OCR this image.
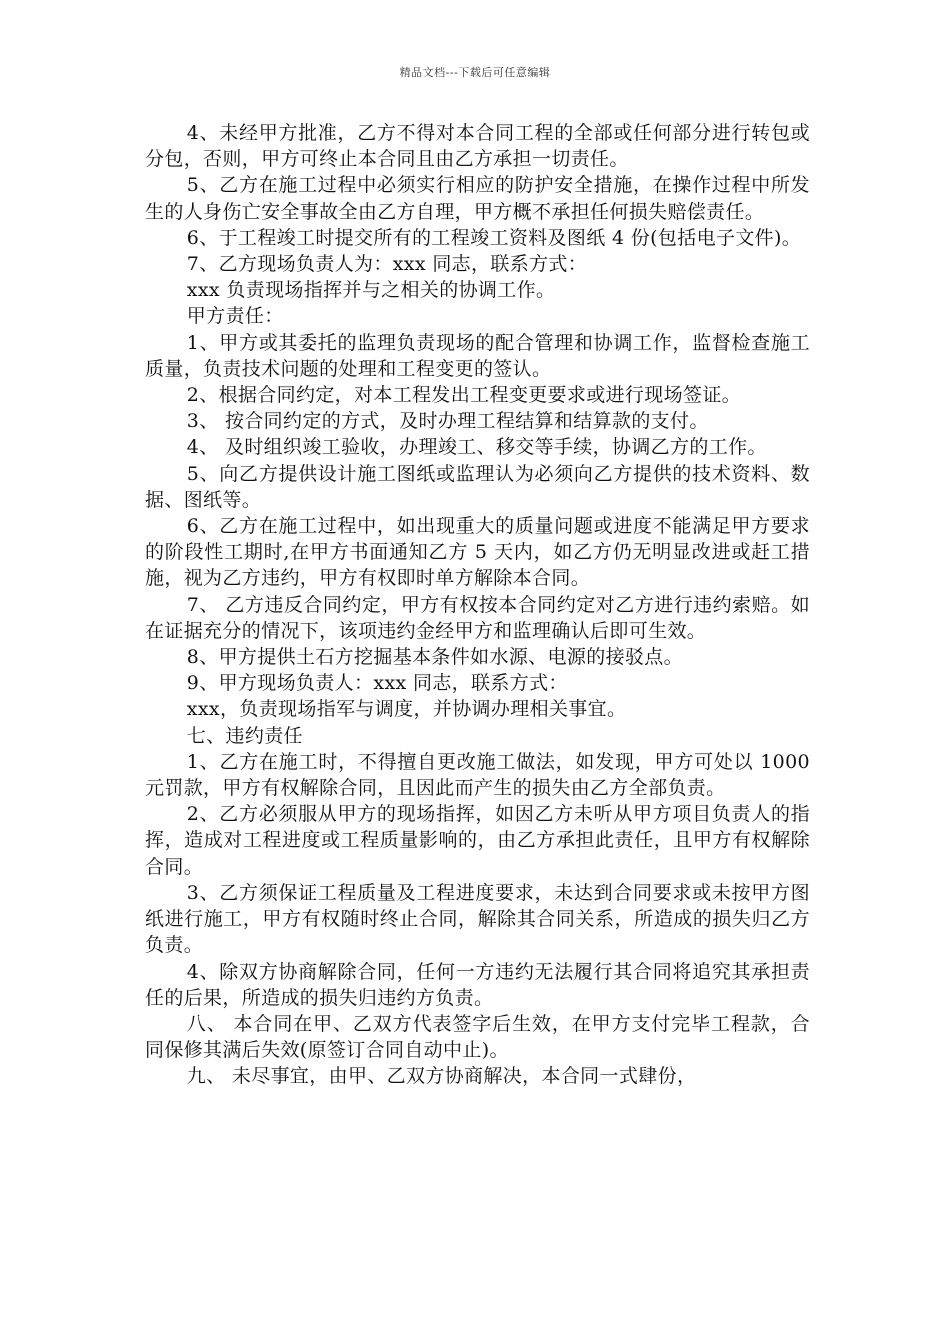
精品文档---下载后可任意编辑

4、未经甲方批准，乙方不得对本合同工程的全部或任何部分进行转包或分包，否则，甲方可终止本合同且由乙方承担一切责任。

5、乙方在施工过程中必须实行相应的防护安全措施，在操作过程中所发生的人身伤亡安全事故全由乙方自理，甲方概不承担任何损失赔偿责任。

6、于工程竣工时提交所有的工程竣工资料及图纸 4 份(包括电子文件)。

7、乙方现场负责人为：xxx 同志，联系方式：

xxx 负责现场指挥并与之相关的协调工作。

甲方责任：

1、甲方或其委托的监理负责现场的配合管理和协调工作，监督检查施工质量，负责技术问题的处理和工程变更的签认。

2、根据合同约定，对本工程发出工程变更要求或进行现场签证。

3、 按合同约定的方式，及时办理工程结算和结算款的支付。

4、 及时组织竣工验收，办理竣工、移交等手续，协调乙方的工作。

5、向乙方提供设计施工图纸或监理认为必须向乙方提供的技术资料、数据、图纸等。

6、乙方在施工过程中，如出现重大的质量问题或进度不能满足甲方要求的阶段性工期时,在甲方书面通知乙方 5 天内，如乙方仍无明显改进或赶工措施，视为乙方违约，甲方有权即时单方解除本合同。

7、 乙方违反合同约定，甲方有权按本合同约定对乙方进行违约索赔。如在证据充分的情况下，该项违约金经甲方和监理确认后即可生效。

8、甲方提供土石方挖掘基本条件如水源、电源的接驳点。

9、甲方现场负责人：xxx 同志，联系方式：

xxx，负责现场指军与调度，并协调办理相关事宜。

七、违约责任

1、乙方在施工时，不得擅自更改施工做法，如发现，甲方可处以 1000 元罚款，甲方有权解除合同，且因此而产生的损失由乙方全部负责。

2、乙方必须服从甲方的现场指挥，如因乙方未听从甲方项目负责人的指挥，造成对工程进度或工程质量影响的，由乙方承担此责任，且甲方有权解除合同。

3、乙方须保证工程质量及工程进度要求，未达到合同要求或未按甲方图纸进行施工，甲方有权随时终止合同，解除其合同关系，所造成的损失归乙方负责。

4、除双方协商解除合同，任何一方违约无法履行其合同将追究其承担责任的后果，所造成的损失归违约方负责。

八、 本合同在甲、乙双方代表签字后生效，在甲方支付完毕工程款，合同保修其满后失效(原签订合同自动中止)。

九、 未尽事宜，由甲、乙双方协商解决，本合同一式肆份，
